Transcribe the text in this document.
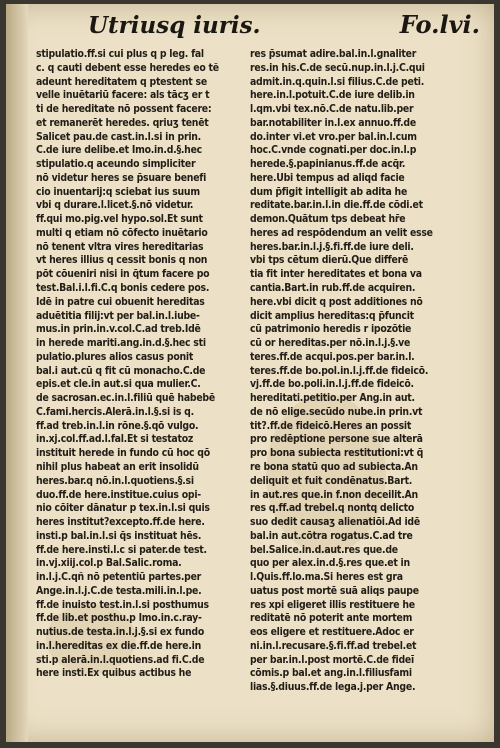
Utriusq iuris.	Fo.lvi.
stipulatio.ff.si cui plus q p leg. fal
c. q cauti debent esse heredes eo tẽ
adeunt hereditatem q ptestent se
velle inuētariū facere: als tācʒ er t
ti de hereditate nō possent facere:
et remanerēt heredes. qriuʒ tenēt
Salicet pau.de cast.in.l.si in prin.
C.de iure delibe.et Imo.in.d.§.hec
stipulatio.q aceundo simpliciter
nō videtur heres se p̄suare benefi
cio inuentarij:q sciebat ius suum
vbi q durare.l.licet.§.nō videtur.
ff.qui mo.pig.vel hypo.sol.Et sunt
multi q etiam nō cōfecto inuētario
nō tenent vltra vires hereditarias
vt heres illius q cessit bonis q non
pōt cōueniri nisi in q̄tum facere po
test.Bal.i.l.fi.C.q bonis cedere pos.
Idē in patre cui obuenit hereditas
aduētitia filij:vt per bal.in.l.iube-
mus.in prin.in.v.col.C.ad treb.Idē
in herede mariti.ang.in.d.§.hec sti
pulatio.plures alios casus ponit
bal.i aut.cū q fit cū monacho.C.de
epis.et cle.in aut.si qua mulier.C.
de sacrosan.ec.in.l.filiū quē habebē
C.fami.hercis.Alerā.in.l.§.si is q.
ff.ad treb.in.l.in rōne.§.qō vulgo.
in.xj.col.ff.ad.l.fal.Et si testatoz
instituit herede in fundo cū hoc qō
nihil plus habeat an erit insolidū
heres.bar.q nō.in.l.quotiens.§.si
duo.ff.de here.institue.cuius opi-
nio cōiter dānatur p tex.in.l.si quis
heres institut?excepto.ff.de here.
insti.p bal.in.l.si q̄s instituat hēs.
ff.de here.insti.l.c si pater.de test.
in.vj.xiij.col.p Bal.Salic.roma.
in.l.j.C.qñ nō petentiū partes.per
Ange.in.l.j.C.de testa.mili.in.l.pe.
ff.de inuisto test.in.l.si posthumus
ff.de lib.et posthu.p Imo.in.c.ray-
nutius.de testa.in.l.j.§.si ex fundo
in.l.hereditas ex die.ff.de here.in
sti.p alerā.in.l.quotiens.ad fi.C.de
here insti.Ex quibus actibus he
res p̄sumat adire.bal.in.l.gnaliter
res.in his.C.de secū.nup.in.l.j.C.qui
admit.in.q.quin.l.si filius.C.de peti.
here.in.l.potuit.C.de iure delib.in
l.qm.vbi tex.nō.C.de natu.lib.per
bar.notabiliter in.l.ex annuo.ff.de
do.inter vi.et vro.per bal.in.l.cum
hoc.C.vnde cognati.per doc.in.l.p
herede.§.papinianus.ff.de acq̄r.
here.Ubi tempus ad aliqd facie
dum p̄figit intelligit ab adita he
reditate.bar.in.l.in die.ff.de cōdi.et
demon.Quātum tps debeat hr̄e
heres ad respōdendum an velit esse
heres.bar.in.l.j.§.fi.ff.de iure deli.
vbi tps cētum dierū.Que differē
tia fit inter hereditates et bona va
cantia.Bart.in rub.ff.de acquiren.
here.vbi dicit q post additiones nō
dicit amplius hereditas:q p̄funcit̄
cū patrimonio heredis r ipozōtie
cū or hereditas.per nō.in.l.j.§.ve
teres.ff.de acqui.pos.per bar.in.l.
teres.ff.de bo.pol.in.l.j.ff.de fideicō.
vj.ff.de bo.poli.in.l.j.ff.de fideicō.
hereditati.petitio.per Ang.in aut.
de nō elige.secūdo nube.in prin.vt
tit?.ff.de fideicō.Heres an possit
pro redēptione persone sue alterā
pro bona subiecta restitutioni:vt q̄
re bona statū quo ad subiecta.An
deliquit et fuit condēnatus.Bart.
in aut.res que.in f.non deceilit.An
res q.ff.ad trebel.q nontq delicto
suo dedit causaʒ alienatiōi.Ad idē
bal.in aut.cōtra rogatus.C.ad tre
bel.Salice.in.d.aut.res que.de
quo per alex.in.d.§.res que.et in
l.Quis.ff.lo.ma.Si heres est gra
uatus post mortē suā aliqs paupe
res xpi eligeret illis restituere he
reditatē nō poterit ante mortem
eos eligere et restituere.Adoc er
ni.in.l.recusare.§.fi.ff.ad trebel.et
per bar.in.l.post mortē.C.de fideī
cōmis.p bal.et ang.in.l.filiusfami
lias.§.diuus.ff.de lega.j.per Ange.
